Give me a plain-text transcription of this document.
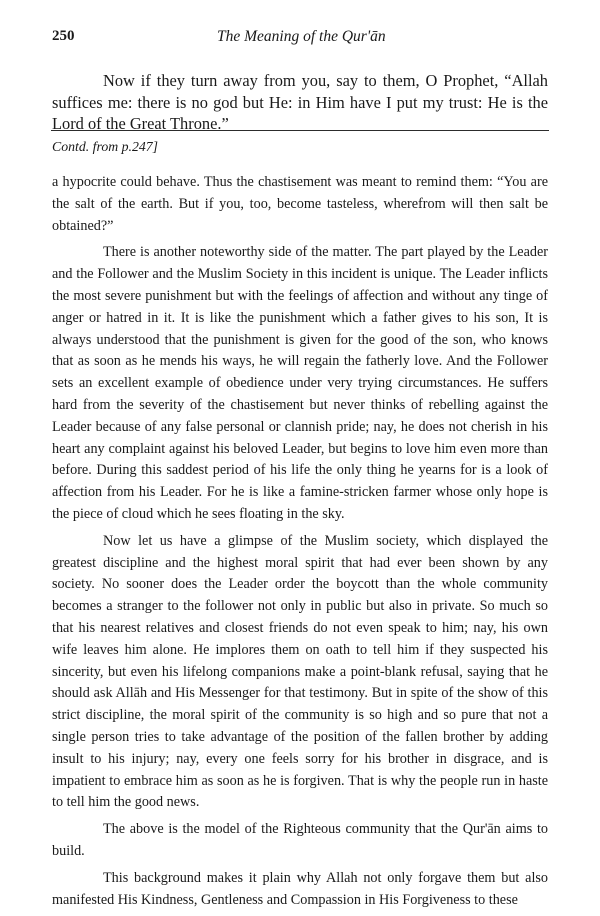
250	The Meaning of the Qur'ān

Now if they turn away from you, say to them, O Prophet, “Allah suffices me: there is no god but He: in Him have I put my trust: He is the Lord of the Great Throne.”

Contd. from p.247]

a hypocrite could behave. Thus the chastisement was meant to remind them: “You are the salt of the earth. But if you, too, become tasteless, wherefrom will then salt be obtained?”

There is another noteworthy side of the matter. The part played by the Leader and the Follower and the Muslim Society in this incident is unique. The Leader inflicts the most severe punishment but with the feelings of affection and without any tinge of anger or hatred in it. It is like the punishment which a father gives to his son, It is always understood that the punishment is given for the good of the son, who knows that as soon as he mends his ways, he will regain the fatherly love. And the Follower sets an excellent example of obedience under very trying circumstances. He suffers hard from the severity of the chastisement but never thinks of rebelling against the Leader because of any false personal or clannish pride; nay, he does not cherish in his heart any complaint against his beloved Leader, but begins to love him even more than before. During this saddest period of his life the only thing he yearns for is a look of affection from his Leader. For he is like a famine-stricken farmer whose only hope is the piece of cloud which he sees floating in the sky.

Now let us have a glimpse of the Muslim society, which displayed the greatest discipline and the highest moral spirit that had ever been shown by any society. No sooner does the Leader order the boycott than the whole community becomes a stranger to the follower not only in public but also in private. So much so that his nearest relatives and closest friends do not even speak to him; nay, his own wife leaves him alone. He implores them on oath to tell him if they suspected his sincerity, but even his lifelong companions make a point-blank refusal, saying that he should ask Allāh and His Messenger for that testimony. But in spite of the show of this strict discipline, the moral spirit of the community is so high and so pure that not a single person tries to take advantage of the position of the fallen brother by adding insult to his injury; nay, every one feels sorry for his brother in disgrace, and is impatient to embrace him as soon as he is forgiven. That is why the people run in haste to tell him the good news.

The above is the model of the Righteous community that the Qur'ān aims to build.

This background makes it plain why Allah not only forgave them but also manifested His Kindness, Gentleness and Compassion in His Forgiveness to these
